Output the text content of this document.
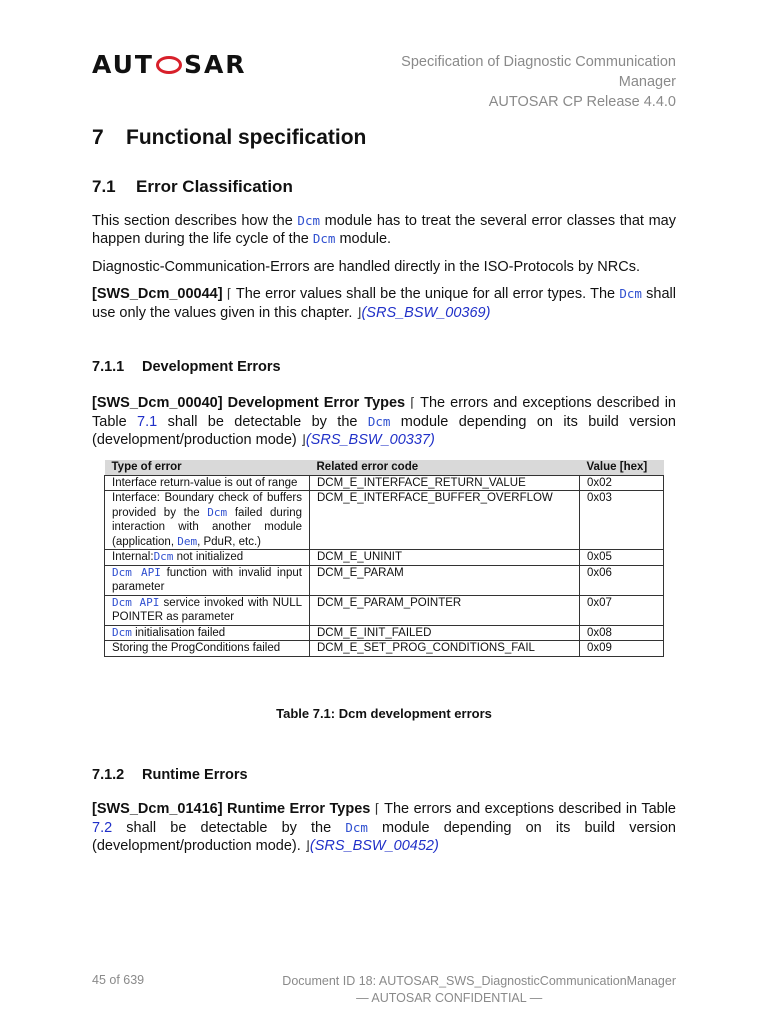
AUT SAR	Specification of Diagnostic Communication
Manager
AUTOSAR CP Release 4.4.0
7 Functional specification
7.1 Error Classification
This section describes how the Dcm module has to treat the several error classes that may happen during the life cycle of the Dcm module.
Diagnostic-Communication-Errors are handled directly in the ISO-Protocols by NRCs.
[SWS_Dcm_00044] ⌈ The error values shall be the unique for all error types. The Dcm shall use only the values given in this chapter. ⌋(SRS_BSW_00369)
7.1.1 Development Errors
[SWS_Dcm_00040] Development Error Types ⌈ The errors and exceptions described in Table 7.1 shall be detectable by the Dcm module depending on its build version (development/production mode) ⌋(SRS_BSW_00337)
Type of error	Related error code	Value [hex]
Interface return-value is out of range	DCM_E_INTERFACE_RETURN_VALUE	0x02
Interface: Boundary check of buffers provided by the Dcm failed during interaction with another module (application, Dem, PduR, etc.)	DCM_E_INTERFACE_BUFFER_OVERFLOW	0x03
Internal:Dcm not initialized	DCM_E_UNINIT	0x05
Dcm API function with invalid input parameter	DCM_E_PARAM	0x06
Dcm API service invoked with NULL POINTER as parameter	DCM_E_PARAM_POINTER	0x07
Dcm initialisation failed	DCM_E_INIT_FAILED	0x08
Storing the ProgConditions failed	DCM_E_SET_PROG_CONDITIONS_FAIL	0x09
Table 7.1: Dcm development errors
7.1.2 Runtime Errors
[SWS_Dcm_01416] Runtime Error Types ⌈ The errors and exceptions described in Table 7.2 shall be detectable by the Dcm module depending on its build version (development/production mode). ⌋(SRS_BSW_00452)
45 of 639	Document ID 18: AUTOSAR_SWS_DiagnosticCommunicationManager
— AUTOSAR CONFIDENTIAL —
